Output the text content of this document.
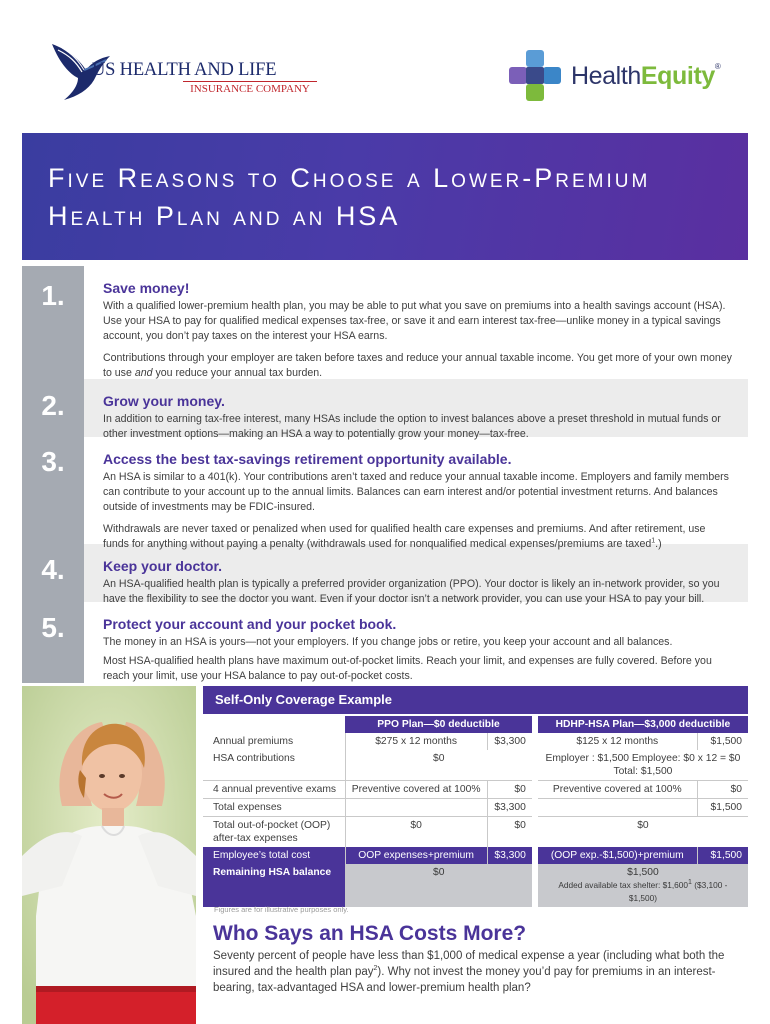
US HEALTH AND LIFE
INSURANCE COMPANY	HealthEquity®
Five Reasons to Choose a Lower-Premium Health Plan and an HSA
1.
2.
3.
4.
5.
Save money!

With a qualified lower-premium health plan, you may be able to put what you save on premiums into a health savings account (HSA). Use your HSA to pay for qualified medical expenses tax-free, or save it and earn interest tax-free—unlike money in a typical savings account, you don’t pay taxes on the interest your HSA earns.

Contributions through your employer are taken before taxes and reduce your annual taxable income. You get more of your own money to use and you reduce your annual tax burden.

Grow your money.

In addition to earning tax-free interest, many HSAs include the option to invest balances above a preset threshold in mutual funds or other investment options—making an HSA a way to potentially grow your money—tax-free.

Access the best tax-savings retirement opportunity available.

An HSA is similar to a 401(k). Your contributions aren’t taxed and reduce your annual taxable income. Employers and family members can contribute to your account up to the annual limits. Balances can earn interest and/or potential investment returns. And balances outside of investments may be FDIC-insured.

Withdrawals are never taxed or penalized when used for qualified health care expenses and premiums. And after retirement, use funds for anything without paying a penalty (withdrawals used for nonqualified medical expenses/premiums are taxed$^1$.)

Keep your doctor.

An HSA-qualified health plan is typically a preferred provider organization (PPO). Your doctor is likely an in-network provider, so you have the flexibility to see the doctor you want. Even if your doctor isn’t a network provider, you can use your HSA to pay your bill.

Protect your account and your pocket book.

The money in an HSA is yours—not your employers. If you change jobs or retire, you keep your account and all balances.

Most HSA-qualified health plans have maximum out-of-pocket limits. Reach your limit, and expenses are fully covered. Before you reach your limit, use your HSA balance to pay out-of-pocket costs.

Self-Only Coverage Example
	PPO Plan—$0 deductible		HDHP-HSA Plan—$3,000 deductible	
Annual premiums	$275 x 12 months	$3,300	$125 x 12 months	$1,500
HSA contributions	$0		Employer : $1,500 Employee: $0 x 12 = $0
Total: $1,500	

4 annual preventive exams	Preventive covered at 100%	$0	Preventive covered at 100%	$0
Total expenses		$3,300		$1,500

Total out-of-pocket (OOP)
after-tax expenses	$0	$0	$0	
Employee’s total cost	OOP expenses+premium	$3,300	(OOP exp.-$1,500)+premium	$1,500
Remaining HSA balance	$0		$1,500
Added available tax shelter: $1,600$^1$ ($3,100 - $1,500)	
Figures are for illustrative purposes only.
Who Says an HSA Costs More?
Seventy percent of people have less than $1,000 of medical expense a year (including what both the insured and the health plan pay$^2$). Why not invest the money you’d pay for premiums in an interest-bearing, tax-advantaged HSA and lower-premium health plan?
